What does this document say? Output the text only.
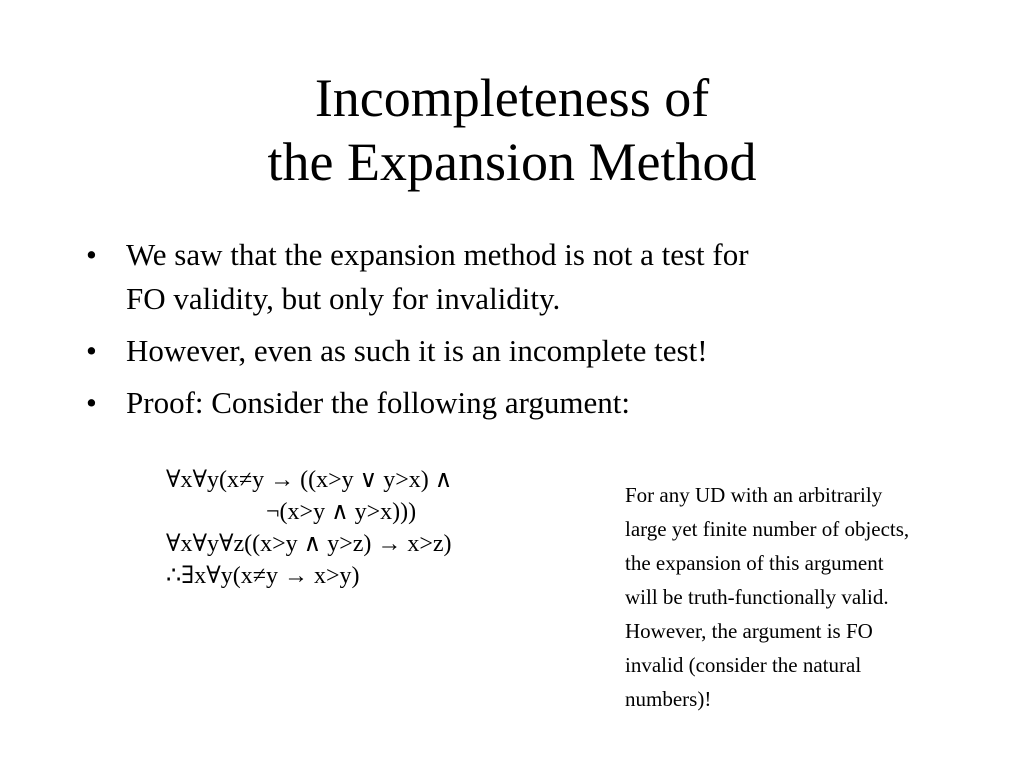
Incompleteness of
the Expansion Method
• We saw that the expansion method is not a test for
FO validity, but only for invalidity.
• However, even as such it is an incomplete test!
• Proof: Consider the following argument:
∀x∀y(x≠y → ((x>y ∨ y>x) ∧
¬(x>y ∧ y>x)))
∀x∀y∀z((x>y ∧ y>z) → x>z)
∴∃x∀y(x≠y → x>y)
For any UD with an arbitrarily
large yet finite number of objects,
the expansion of this argument
will be truth-functionally valid.
However, the argument is FO
invalid (consider the natural
numbers)!
